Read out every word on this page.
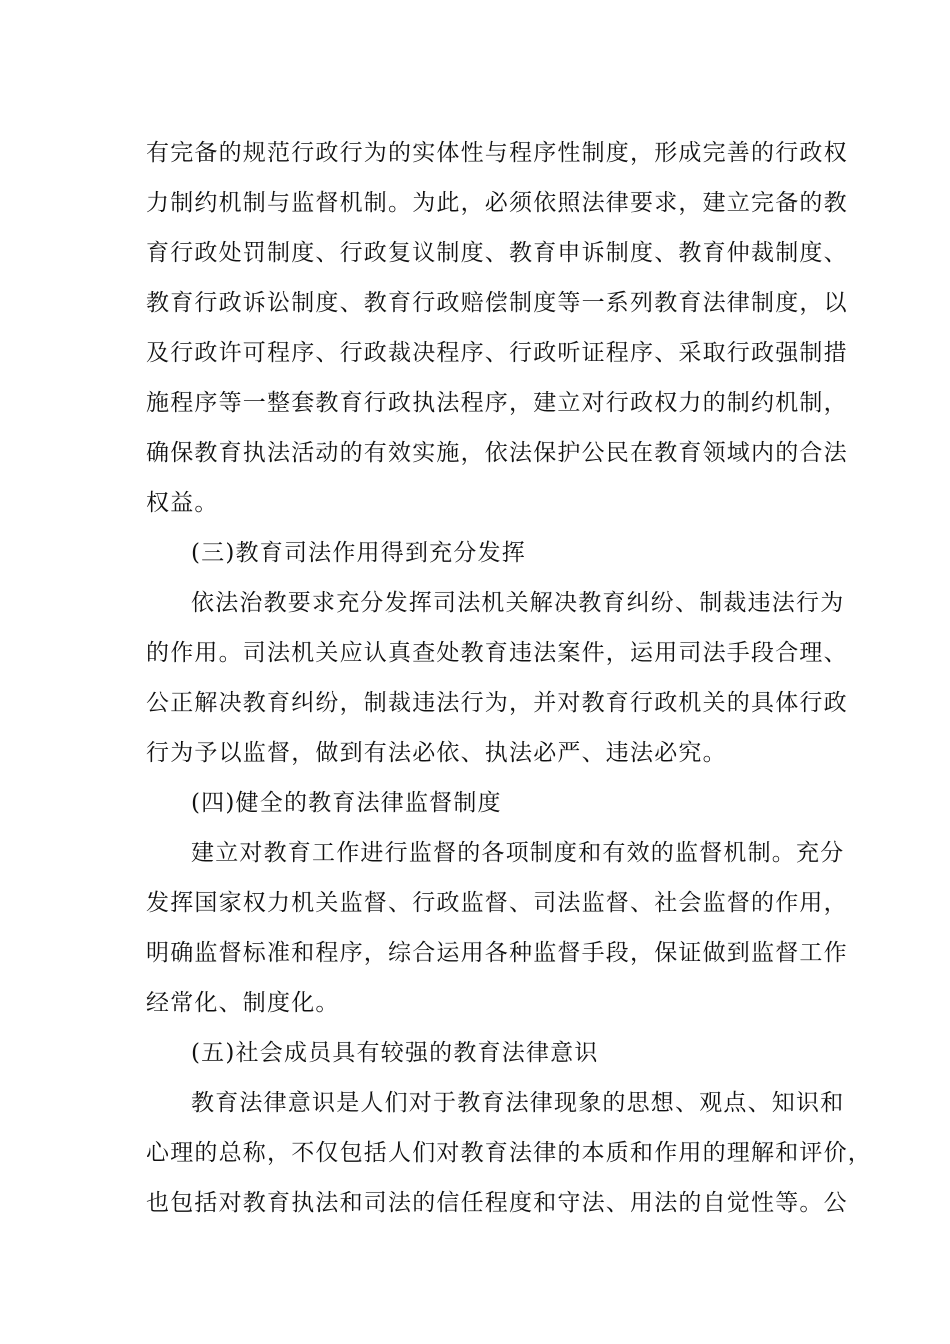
有完备的规范行政行为的实体性与程序性制度，形成完善的行政权
力制约机制与监督机制。为此，必须依照法律要求，建立完备的教
育行政处罚制度、行政复议制度、教育申诉制度、教育仲裁制度、
教育行政诉讼制度、教育行政赔偿制度等一系列教育法律制度，以
及行政许可程序、行政裁决程序、行政听证程序、采取行政强制措
施程序等一整套教育行政执法程序，建立对行政权力的制约机制，
确保教育执法活动的有效实施，依法保护公民在教育领域内的合法
权益。
(三)教育司法作用得到充分发挥
依法治教要求充分发挥司法机关解决教育纠纷、制裁违法行为
的作用。司法机关应认真查处教育违法案件，运用司法手段合理、
公正解决教育纠纷，制裁违法行为，并对教育行政机关的具体行政
行为予以监督，做到有法必依、执法必严、违法必究。
(四)健全的教育法律监督制度
建立对教育工作进行监督的各项制度和有效的监督机制。充分
发挥国家权力机关监督、行政监督、司法监督、社会监督的作用，
明确监督标准和程序，综合运用各种监督手段，保证做到监督工作
经常化、制度化。
(五)社会成员具有较强的教育法律意识
教育法律意识是人们对于教育法律现象的思想、观点、知识和
心理的总称，不仅包括人们对教育法律的本质和作用的理解和评价，
也包括对教育执法和司法的信任程度和守法、用法的自觉性等。公
